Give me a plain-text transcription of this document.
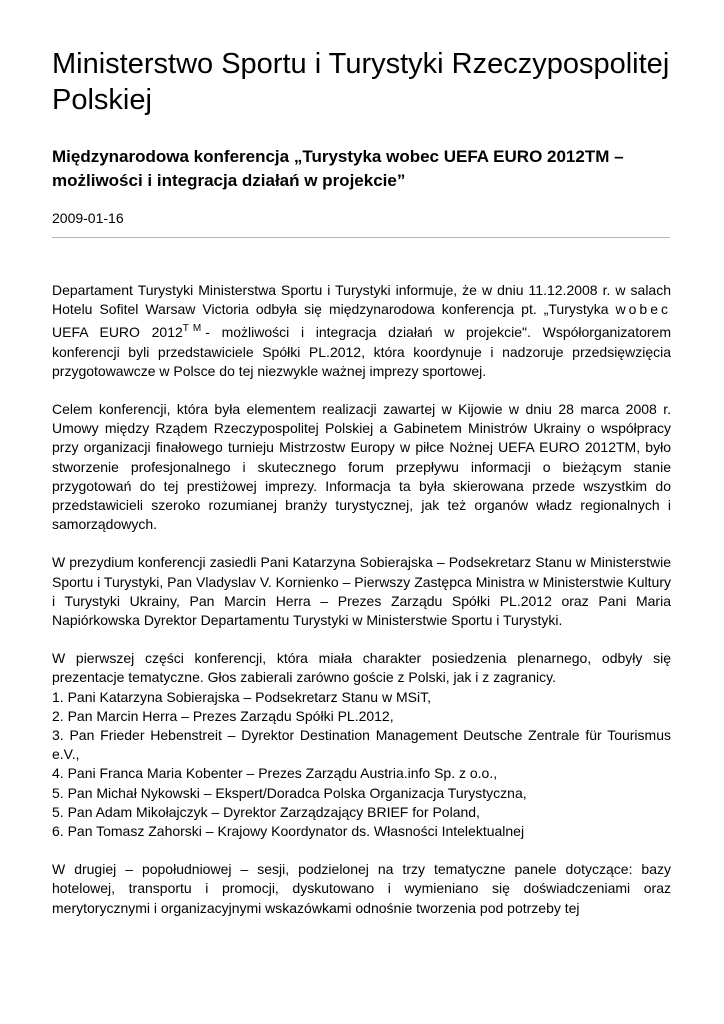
Ministerstwo Sportu i Turystyki Rzeczypospolitej Polskiej
Międzynarodowa konferencja „Turystyka wobec UEFA EURO 2012TM – możliwości i integracja działań w projekcie”
2009-01-16

Departament Turystyki Ministerstwa Sportu i Turystyki informuje, że w dniu 11.12.2008 r. w salach Hotelu Sofitel Warsaw Victoria odbyła się międzynarodowa konferencja pt. „Turystyka wobec UEFA EURO 2012™- możliwości i integracja działań w projekcie". Współorganizatorem konferencji byli przedstawiciele Spółki PL.2012, która koordynuje i nadzoruje przedsięwzięcia przygotowawcze w Polsce do tej niezwykle ważnej imprezy sportowej.

Celem konferencji, która była elementem realizacji zawartej w Kijowie w dniu 28 marca 2008 r. Umowy między Rządem Rzeczypospolitej Polskiej a Gabinetem Ministrów Ukrainy o współpracy przy organizacji finałowego turnieju Mistrzostw Europy w piłce Nożnej UEFA EURO 2012TM, było stworzenie profesjonalnego i skutecznego forum przepływu informacji o bieżącym stanie przygotowań do tej prestiżowej imprezy. Informacja ta była skierowana przede wszystkim do przedstawicieli szeroko rozumianej branży turystycznej, jak też organów władz regionalnych i samorządowych.

W prezydium konferencji zasiedli Pani Katarzyna Sobierajska – Podsekretarz Stanu w Ministerstwie Sportu i Turystyki, Pan Vladyslav V. Kornienko – Pierwszy Zastępca Ministra w Ministerstwie Kultury i Turystyki Ukrainy, Pan Marcin Herra – Prezes Zarządu Spółki PL.2012 oraz Pani Maria Napiórkowska Dyrektor Departamentu Turystyki w Ministerstwie Sportu i Turystyki.

W pierwszej części konferencji, która miała charakter posiedzenia plenarnego, odbyły się prezentacje tematyczne. Głos zabierali zarówno goście z Polski, jak i z zagranicy.

1. Pani Katarzyna Sobierajska – Podsekretarz Stanu w MSiT,

2. Pan Marcin Herra – Prezes Zarządu Spółki PL.2012,

3. Pan Frieder Hebenstreit – Dyrektor Destination Management Deutsche Zentrale für Tourismus e.V.,

4. Pani Franca Maria Kobenter – Prezes Zarządu Austria.info Sp. z o.o.,

5. Pan Michał Nykowski – Ekspert/Doradca Polska Organizacja Turystyczna,

5. Pan Adam Mikołajczyk – Dyrektor Zarządzający BRIEF for Poland,

6. Pan Tomasz Zahorski – Krajowy Koordynator ds. Własności Intelektualnej

W drugiej – popołudniowej – sesji, podzielonej na trzy tematyczne panele dotyczące: bazy hotelowej, transportu i promocji, dyskutowano i wymieniano się doświadczeniami oraz merytorycznymi i organizacyjnymi wskazówkami odnośnie tworzenia pod potrzeby tej
